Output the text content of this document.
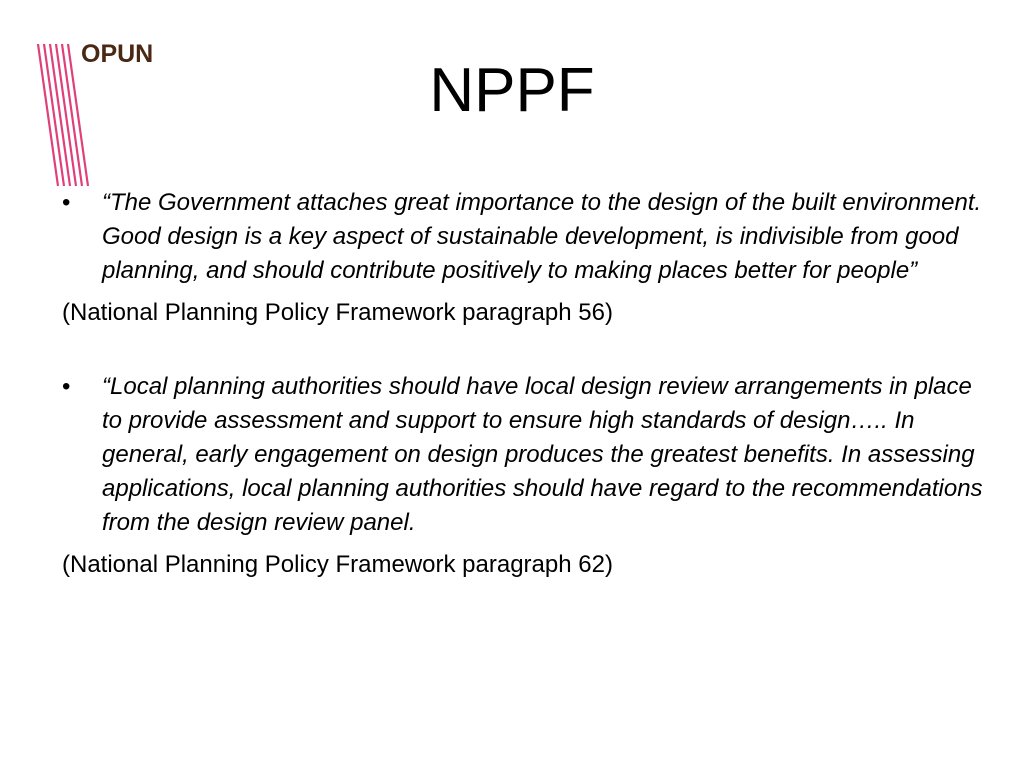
OPUN
NPPF
• “The Government attaches great importance to the design of the built environment. Good design is a key aspect of sustainable development, is indivisible from good planning, and should contribute positively to making places better for people”
(National Planning Policy Framework paragraph 56)
• “Local planning authorities should have local design review arrangements in place to provide assessment and support to ensure high standards of design….. In general, early engagement on design produces the greatest benefits. In assessing applications, local planning authorities should have regard to the recommendations from the design review panel.
(National Planning Policy Framework paragraph 62)
